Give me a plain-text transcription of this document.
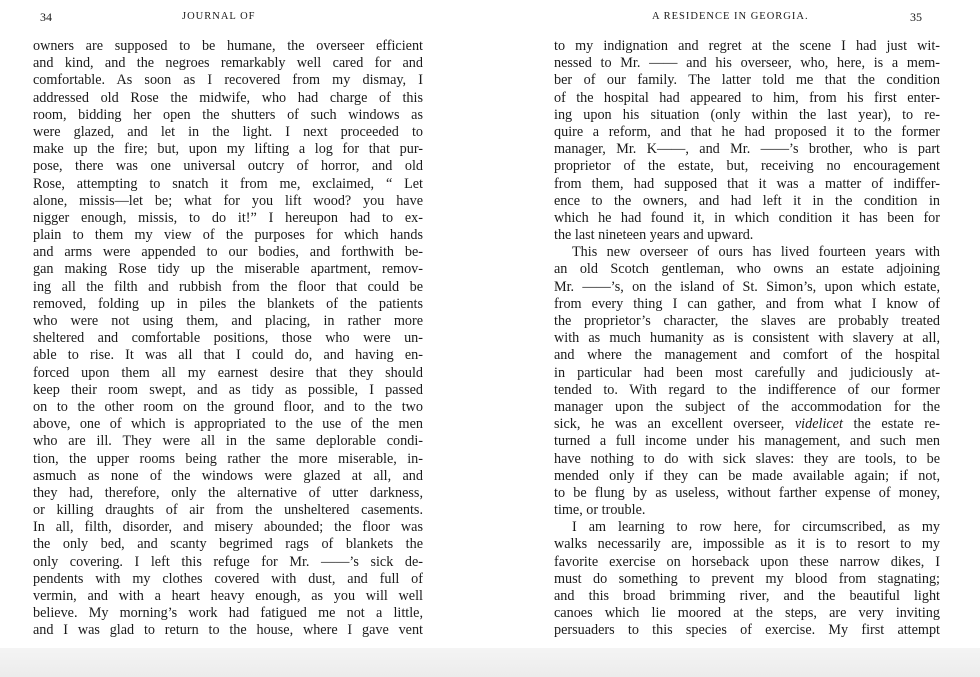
34	JOURNAL OF
owners are supposed to be humane, the overseer efficient
and kind, and the negroes remarkably well cared for and
comfortable. As soon as I recovered from my dismay, I
addressed old Rose the midwife, who had charge of this
room, bidding her open the shutters of such windows as
were glazed, and let in the light. I next proceeded to
make up the fire; but, upon my lifting a log for that pur-
pose, there was one universal outcry of horror, and old
Rose, attempting to snatch it from me, exclaimed, “ Let
alone, missis—let be; what for you lift wood? you have
nigger enough, missis, to do it!” I hereupon had to ex-
plain to them my view of the purposes for which hands
and arms were appended to our bodies, and forthwith be-
gan making Rose tidy up the miserable apartment, remov-
ing all the filth and rubbish from the floor that could be
removed, folding up in piles the blankets of the patients
who were not using them, and placing, in rather more
sheltered and comfortable positions, those who were un-
able to rise. It was all that I could do, and having en-
forced upon them all my earnest desire that they should
keep their room swept, and as tidy as possible, I passed
on to the other room on the ground floor, and to the two
above, one of which is appropriated to the use of the men
who are ill. They were all in the same deplorable condi-
tion, the upper rooms being rather the more miserable, in-
asmuch as none of the windows were glazed at all, and
they had, therefore, only the alternative of utter darkness,
or killing draughts of air from the unsheltered casements.
In all, filth, disorder, and misery abounded; the floor was
the only bed, and scanty begrimed rags of blankets the
only covering. I left this refuge for Mr. ——’s sick de-
pendents with my clothes covered with dust, and full of
vermin, and with a heart heavy enough, as you will well
believe. My morning’s work had fatigued me not a little,
and I was glad to return to the house, where I gave vent
A RESIDENCE IN GEORGIA.	35
to my indignation and regret at the scene I had just wit-
nessed to Mr. —— and his overseer, who, here, is a mem-
ber of our family. The latter told me that the condition
of the hospital had appeared to him, from his first enter-
ing upon his situation (only within the last year), to re-
quire a reform, and that he had proposed it to the former
manager, Mr. K——, and Mr. ——’s brother, who is part
proprietor of the estate, but, receiving no encouragement
from them, had supposed that it was a matter of indiffer-
ence to the owners, and had left it in the condition in
which he had found it, in which condition it has been for
the last nineteen years and upward.
This new overseer of ours has lived fourteen years with
an old Scotch gentleman, who owns an estate adjoining
Mr. ——’s, on the island of St. Simon’s, upon which estate,
from every thing I can gather, and from what I know of
the proprietor’s character, the slaves are probably treated
with as much humanity as is consistent with slavery at all,
and where the management and comfort of the hospital
in particular had been most carefully and judiciously at-
tended to. With regard to the indifference of our former
manager upon the subject of the accommodation for the
sick, he was an excellent overseer, videlicet the estate re-
turned a full income under his management, and such men
have nothing to do with sick slaves: they are tools, to be
mended only if they can be made available again; if not,
to be flung by as useless, without farther expense of money,
time, or trouble.
I am learning to row here, for circumscribed, as my
walks necessarily are, impossible as it is to resort to my
favorite exercise on horseback upon these narrow dikes, I
must do something to prevent my blood from stagnating;
and this broad brimming river, and the beautiful light
canoes which lie moored at the steps, are very inviting
persuaders to this species of exercise. My first attempt
